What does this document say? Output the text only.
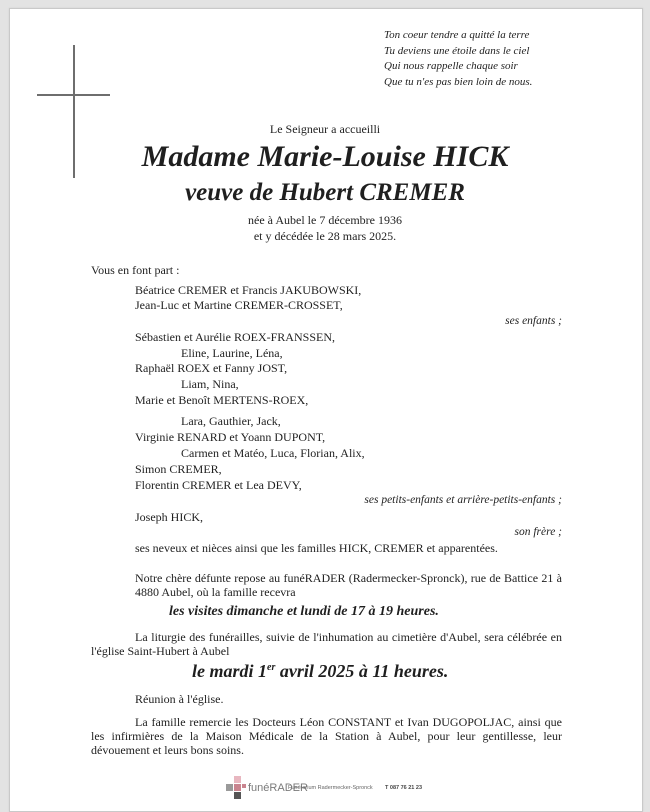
Ton coeur tendre a quitté la terre
Tu deviens une étoile dans le ciel
Qui nous rappelle chaque soir
Que tu n'es pas bien loin de nous.
Le Seigneur a accueilli
Madame Marie-Louise HICK
veuve de Hubert CREMER
née à Aubel le 7 décembre 1936
et y décédée le 28 mars 2025.
Vous en font part :
Béatrice CREMER et Francis JAKUBOWSKI,
Jean-Luc et Martine CREMER-CROSSET,
ses enfants ;
Sébastien et Aurélie ROEX-FRANSSEN,
Eline, Laurine, Léna,
Raphaël ROEX et Fanny JOST,
Liam, Nina,
Marie et Benoît MERTENS-ROEX,
Lara, Gauthier, Jack,
Virginie RENARD et Yoann DUPONT,
Carmen et Matéo, Luca, Florian, Alix,
Simon CREMER,
Florentin CREMER et Lea DEVY,
ses petits-enfants et arrière-petits-enfants ;
Joseph HICK,
son frère ;
ses neveux et nièces ainsi que les familles HICK, CREMER et apparentées.
Notre chère défunte repose au funéRADER (Radermecker-Spronck), rue de Battice 21 à 4880 Aubel, où la famille recevra
les visites dimanche et lundi de 17 à 19 heures.
La liturgie des funérailles, suivie de l'inhumation au cimetière d'Aubel, sera célébrée en l'église Saint-Hubert à Aubel
le mardi 1er avril 2025 à 11 heures.
Réunion à l'église.
La famille remercie les Docteurs Léon CONSTANT et Ivan DUGOPOLJAC, ainsi que les infirmières de la Maison Médicale de la Station à Aubel, pour leur gentillesse, leur dévouement et leurs bons soins.
funéRADER
Funérarium Radermecker-Spronck T 087 76 21 23
